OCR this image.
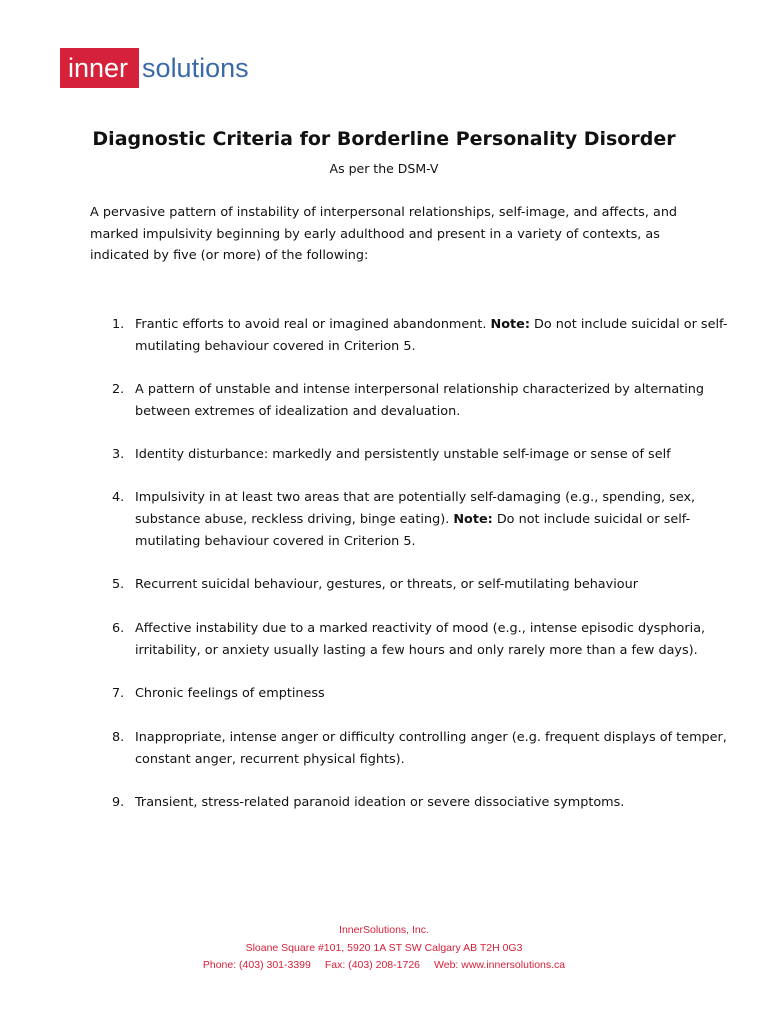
inner solutions
Diagnostic Criteria for Borderline Personality Disorder
As per the DSM-V

A pervasive pattern of instability of interpersonal relationships, self-image, and affects, and marked impulsivity beginning by early adulthood and present in a variety of contexts, as indicated by five (or more) of the following:

1. Frantic efforts to avoid real or imagined abandonment. Note: Do not include suicidal or self-mutilating behaviour covered in Criterion 5.
2. A pattern of unstable and intense interpersonal relationship characterized by alternating between extremes of idealization and devaluation.
3. Identity disturbance: markedly and persistently unstable self-image or sense of self
4. Impulsivity in at least two areas that are potentially self-damaging (e.g., spending, sex, substance abuse, reckless driving, binge eating). Note: Do not include suicidal or self-mutilating behaviour covered in Criterion 5.
5. Recurrent suicidal behaviour, gestures, or threats, or self-mutilating behaviour
6. Affective instability due to a marked reactivity of mood (e.g., intense episodic dysphoria, irritability, or anxiety usually lasting a few hours and only rarely more than a few days).
7. Chronic feelings of emptiness
8. Inappropriate, intense anger or difficulty controlling anger (e.g. frequent displays of temper, constant anger, recurrent physical fights).
9. Transient, stress-related paranoid ideation or severe dissociative symptoms.
InnerSolutions, Inc.
Sloane Square #101, 5920 1A ST SW Calgary AB T2H 0G3
Phone: (403) 301-3399 Fax: (403) 208-1726 Web: www.innersolutions.ca
